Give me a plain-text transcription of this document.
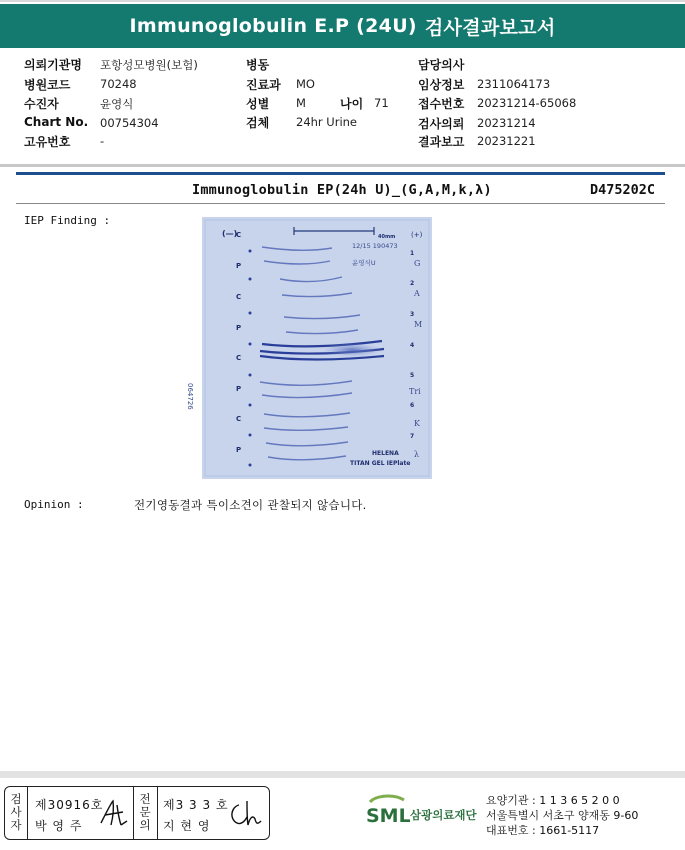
Immunoglobulin E.P (24U) 검사결과보고서
의뢰기관명 포항성모병원(보험)
병원코드	70248
수진자	윤영식
Chart No. 00754304
고유번호	-
병동
진료과 MO
성별 M	나이 71
검체 24hr Urine
담당의사
임상정보 2311064173
접수번호 20231214-65068
검사의뢰 20231214
결과보고 20231221
Immunoglobulin EP(24h U)_(G,A,M,k,λ)	D475202C
IEP Finding :
(—)
C
P
C
P
C
P
C
P
(+)
1
2
3
4
5
6
7
G
A
M
Tri
K
λ
40mm
12/15 190473
윤영식U
064726
HELENA
TITAN GEL IEPlate
Opinion :	전기영동결과 특이소견이 관찰되지 않습니다.
검
사
자
제30916호
박 영 주
전
문
의
제3 3 3 호
지 현 영	SML 삼광의료재단
요양기관 : 1 1 3 6 5 2 0 0
서울특별시 서초구 양재동 9-60
대표번호 : 1661-5117
